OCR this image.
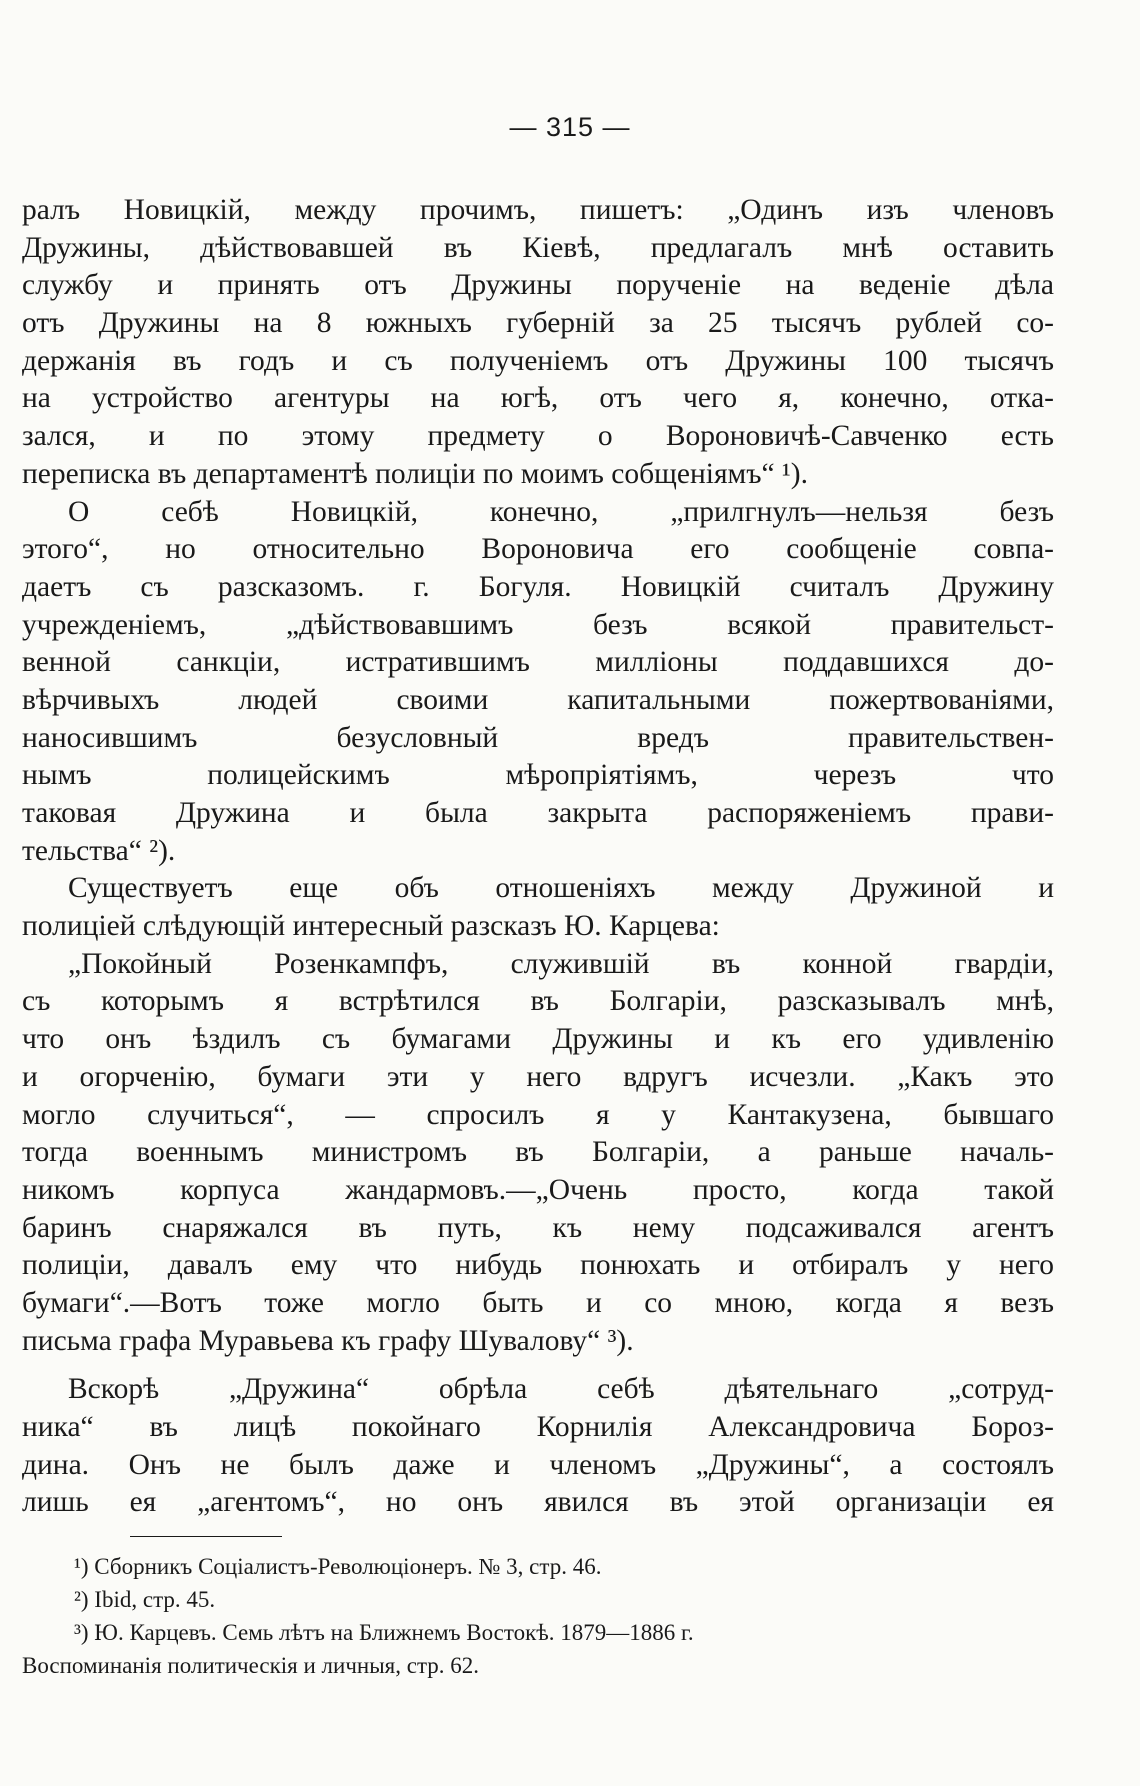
— 315 —
ралъ Новицкій, между прочимъ, пишетъ: „Одинъ изъ членовъ
Дружины, дѣйствовавшей въ Кіевѣ, предлагалъ мнѣ оставить
службу и принять отъ Дружины порученіе на веденіе дѣла
отъ Дружины на 8 южныхъ губерній за 25 тысячъ рублей со-
держанія въ годъ и съ полученіемъ отъ Дружины 100 тысячъ
на устройство агентуры на югѣ, отъ чего я, конечно, отка-
зался, и по этому предмету о Вороновичѣ-Савченко есть
переписка въ департаментѣ полиціи по моимъ собщеніямъ“ ¹).
О себѣ Новицкій, конечно, „прилгнулъ—нельзя безъ
этого“, но относительно Вороновича его сообщеніе совпа-
даетъ съ разсказомъ. г. Богуля. Новицкій считалъ Дружину
учрежденіемъ, „дѣйствовавшимъ безъ всякой правительст-
венной санкціи, истратившимъ милліоны поддавшихся до-
вѣрчивыхъ людей своими капитальными пожертвованіями,
наносившимъ безусловный вредъ правительствен-
нымъ полицейскимъ мѣропріятіямъ, черезъ что
таковая Дружина и была закрыта распоряженіемъ прави-
тельства“ ²).
Существуетъ еще объ отношеніяхъ между Дружиной и
полиціей слѣдующій интересный разсказъ Ю. Карцева:
„Покойный Розенкампфъ, служившій въ конной гвардіи,
съ которымъ я встрѣтился въ Болгаріи, разсказывалъ мнѣ,
что онъ ѣздилъ съ бумагами Дружины и къ его удивленію
и огорченію, бумаги эти у него вдругъ исчезли. „Какъ это
могло случиться“, — спросилъ я у Кантакузена, бывшаго
тогда военнымъ министромъ въ Болгаріи, а раньше началь-
никомъ корпуса жандармовъ.—„Очень просто, когда такой
баринъ снаряжался въ путь, къ нему подсаживался агентъ
полиціи, давалъ ему что нибудь понюхать и отбиралъ у него
бумаги“.—Вотъ тоже могло быть и со мною, когда я везъ
письма графа Муравьева къ графу Шувалову“ ³).
Вскорѣ „Дружина“ обрѣла себѣ дѣятельнаго „сотруд-
ника“ въ лицѣ покойнаго Корнилія Александровича Бороз-
дина. Онъ не былъ даже и членомъ „Дружины“, а состоялъ
лишь ея „агентомъ“, но онъ явился въ этой организаціи ея
¹) Сборникъ Соціалистъ-Революціонеръ. № 3, стр. 46.
²) Ibid, стр. 45.
³) Ю. Карцевъ. Семь лѣтъ на Ближнемъ Востокѣ. 1879—1886 г.
Воспоминанія политическія и личныя, стр. 62.
